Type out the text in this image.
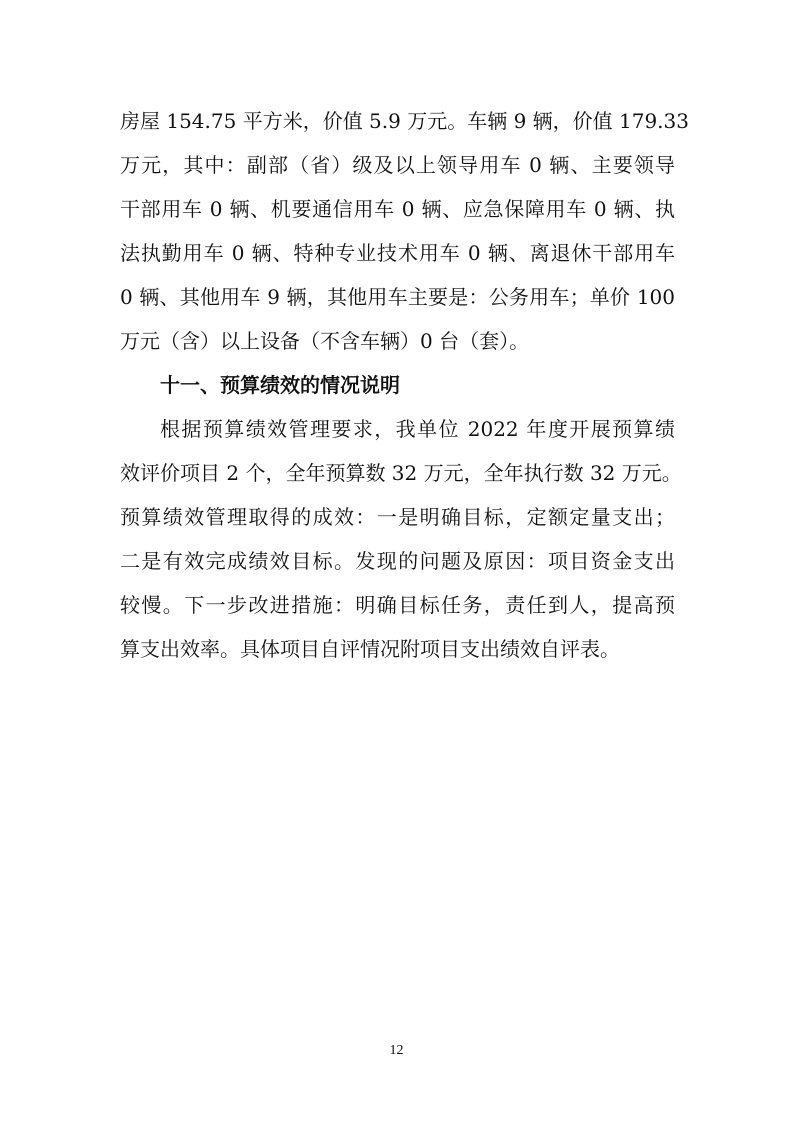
房屋 154.75 平方米，价值 5.9 万元。车辆 9 辆，价值 179.33
万元，其中：副部（省）级及以上领导用车 0 辆、主要领导
干部用车 0 辆、机要通信用车 0 辆、应急保障用车 0 辆、执
法执勤用车 0 辆、特种专业技术用车 0 辆、离退休干部用车
0 辆、其他用车 9 辆，其他用车主要是：公务用车；单价 100
万元（含）以上设备（不含车辆）0 台（套）。
十一、预算绩效的情况说明
根据预算绩效管理要求，我单位 2022 年度开展预算绩
效评价项目 2 个，全年预算数 32 万元，全年执行数 32 万元。
预算绩效管理取得的成效：一是明确目标，定额定量支出；
二是有效完成绩效目标。发现的问题及原因：项目资金支出
较慢。下一步改进措施：明确目标任务，责任到人，提高预
算支出效率。具体项目自评情况附项目支出绩效自评表。
12
